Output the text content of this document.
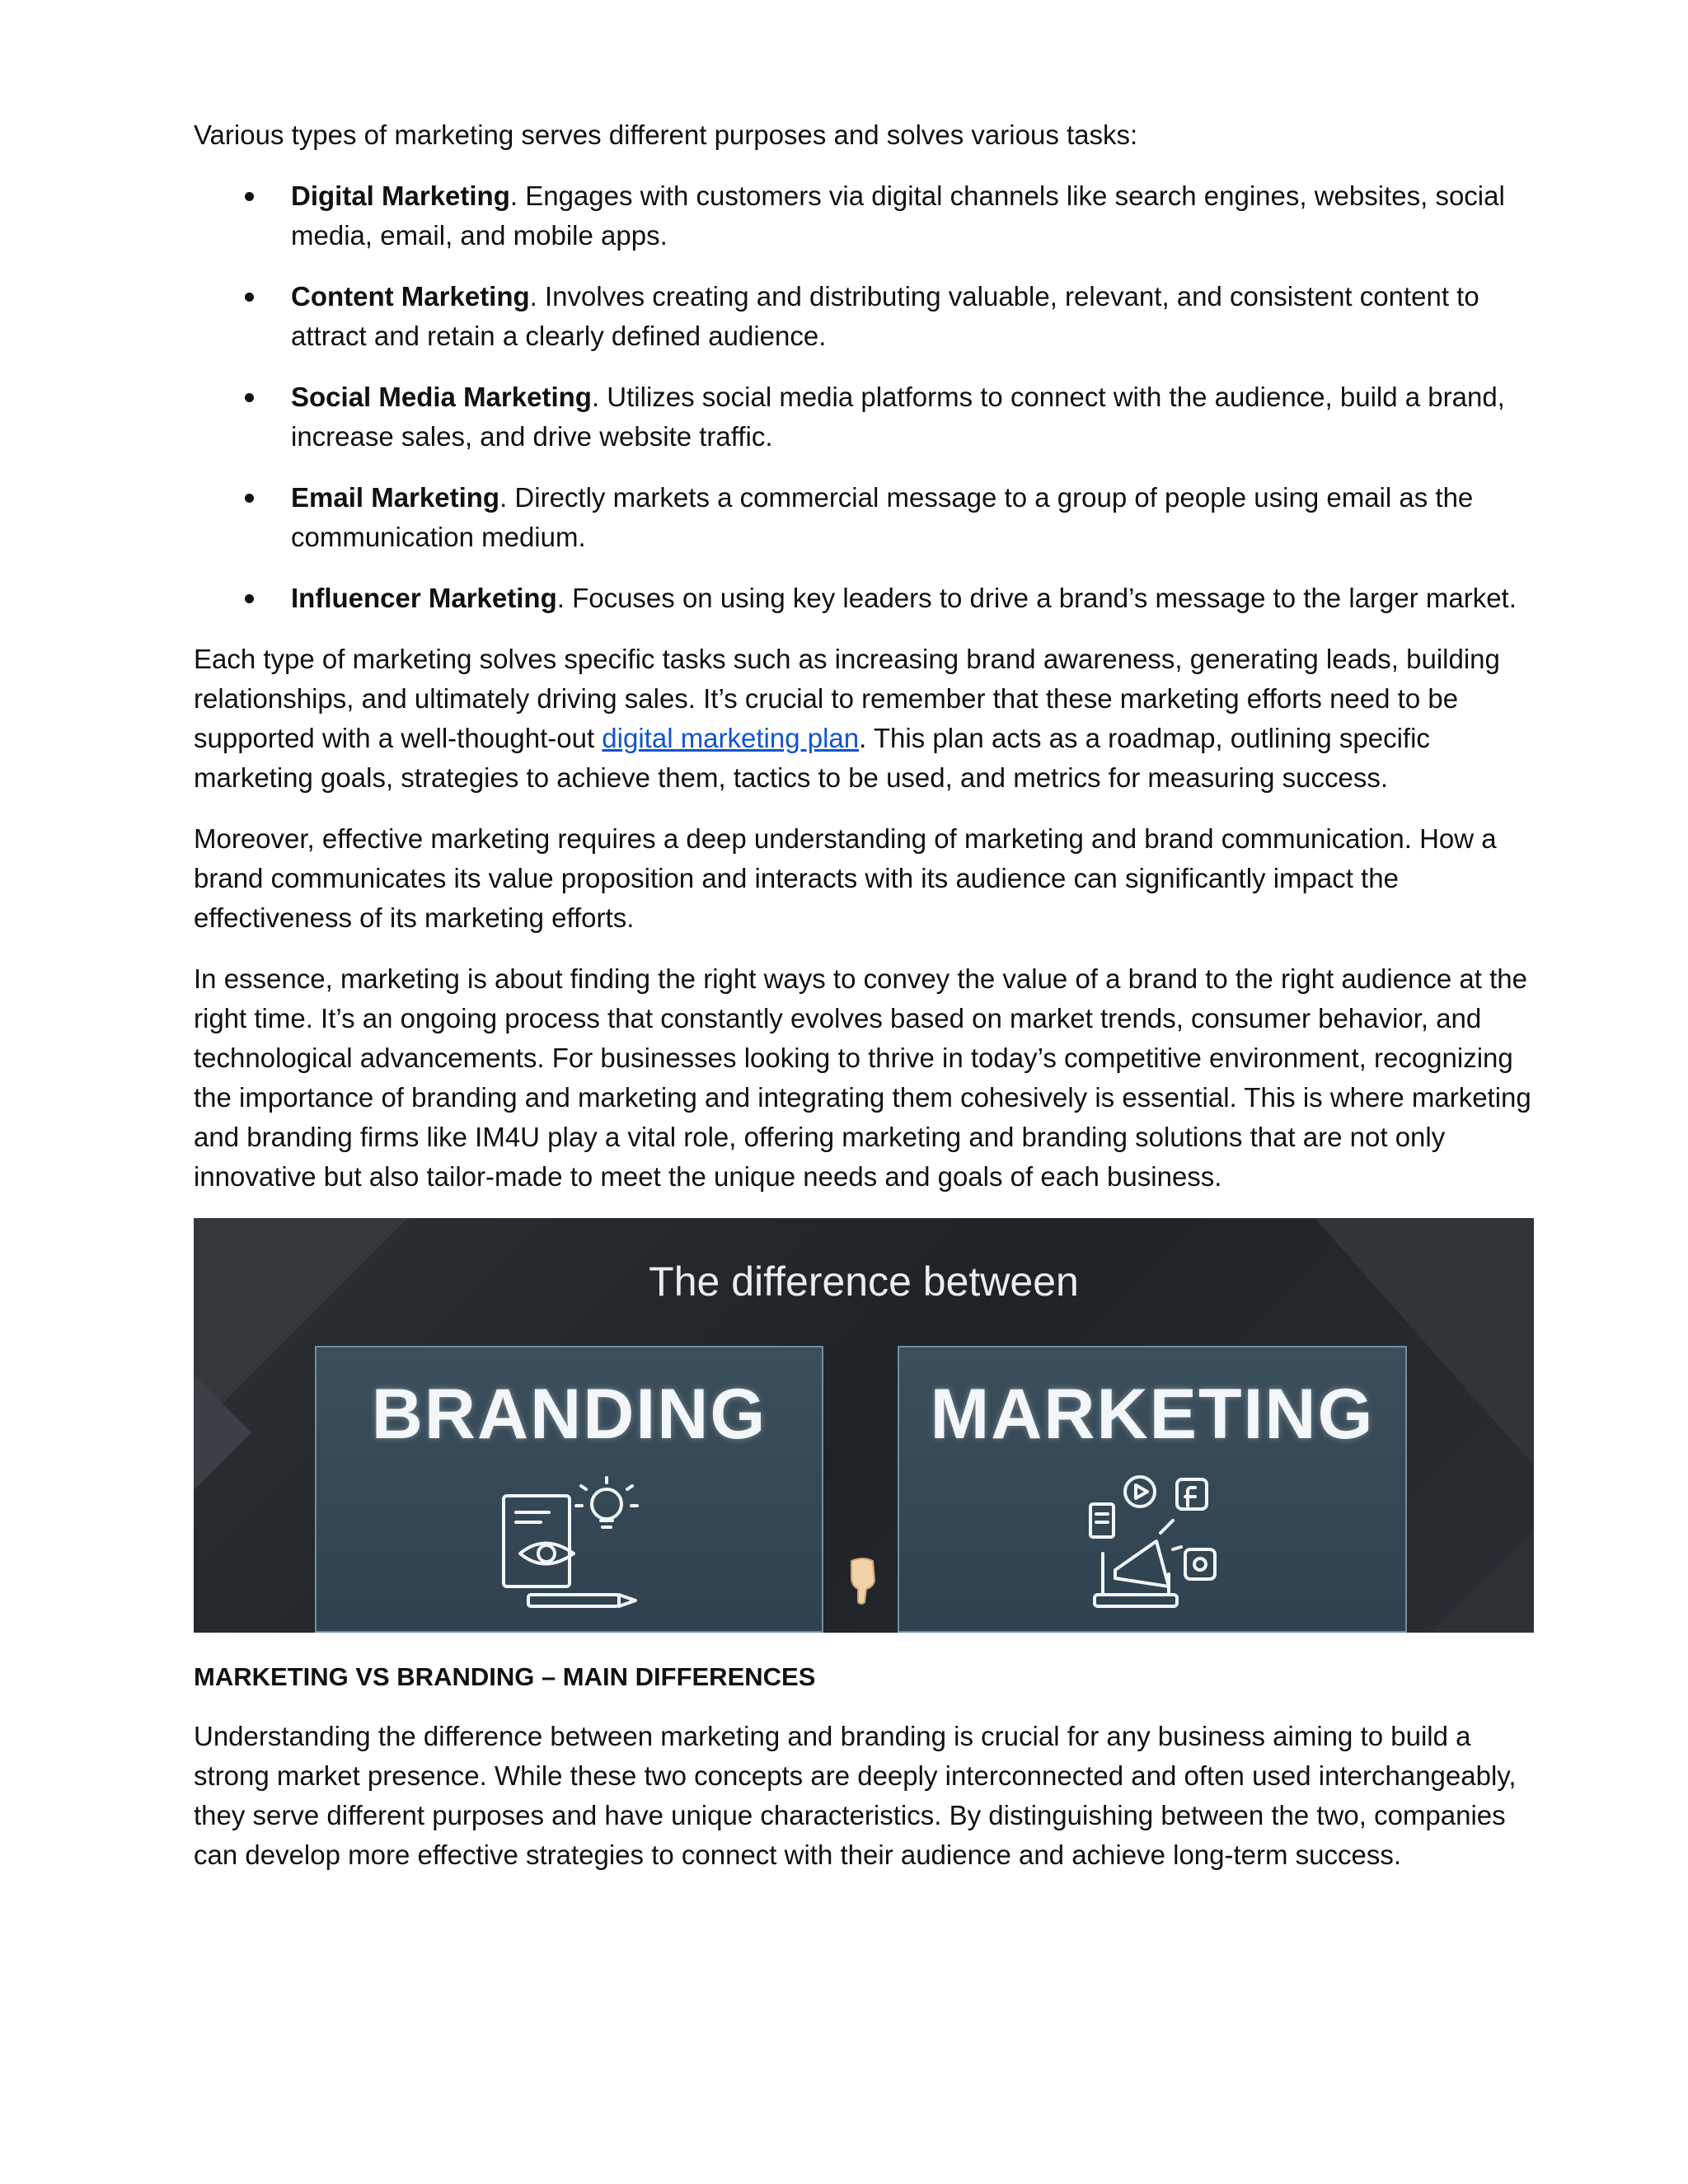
Various types of marketing serves different purposes and solves various tasks:

Digital Marketing. Engages with customers via digital channels like search engines, websites, social media, email, and mobile apps.
Content Marketing. Involves creating and distributing valuable, relevant, and consistent content to attract and retain a clearly defined audience.
Social Media Marketing. Utilizes social media platforms to connect with the audience, build a brand, increase sales, and drive website traffic.
Email Marketing. Directly markets a commercial message to a group of people using email as the communication medium.
Influencer Marketing. Focuses on using key leaders to drive a brand’s message to the larger market.

Each type of marketing solves specific tasks such as increasing brand awareness, generating leads, building relationships, and ultimately driving sales. It’s crucial to remember that these marketing efforts need to be supported with a well-thought-out digital marketing plan. This plan acts as a roadmap, outlining specific marketing goals, strategies to achieve them, tactics to be used, and metrics for measuring success.

Moreover, effective marketing requires a deep understanding of marketing and brand communication. How a brand communicates its value proposition and interacts with its audience can significantly impact the effectiveness of its marketing efforts.

In essence, marketing is about finding the right ways to convey the value of a brand to the right audience at the right time. It’s an ongoing process that constantly evolves based on market trends, consumer behavior, and technological advancements. For businesses looking to thrive in today’s competitive environment, recognizing the importance of branding and marketing and integrating them cohesively is essential. This is where marketing and branding firms like IM4U play a vital role, offering marketing and branding solutions that are not only innovative but also tailor-made to meet the unique needs and goals of each business.

The difference between
BRANDING	MARKETING

MARKETING VS BRANDING – MAIN DIFFERENCES

Understanding the difference between marketing and branding is crucial for any business aiming to build a strong market presence. While these two concepts are deeply interconnected and often used interchangeably, they serve different purposes and have unique characteristics. By distinguishing between the two, companies can develop more effective strategies to connect with their audience and achieve long-term success.
